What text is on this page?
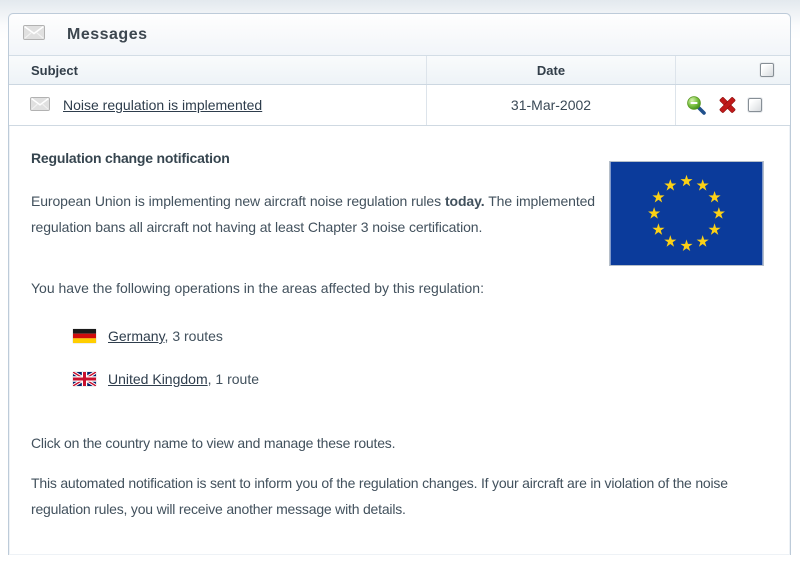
Messages
Subject	Date
Noise regulation is implemented	31-Mar-2002
Regulation change notification

European Union is implementing new aircraft noise regulation rules today. The implemented regulation bans all aircraft not having at least Chapter 3 noise certification.

You have the following operations in the areas affected by this regulation:

Germany, 3 routes
United Kingdom, 1 route

Click on the country name to view and manage these routes.

This automated notification is sent to inform you of the regulation changes. If your aircraft are in violation of the noise regulation rules, you will receive another message with details.
